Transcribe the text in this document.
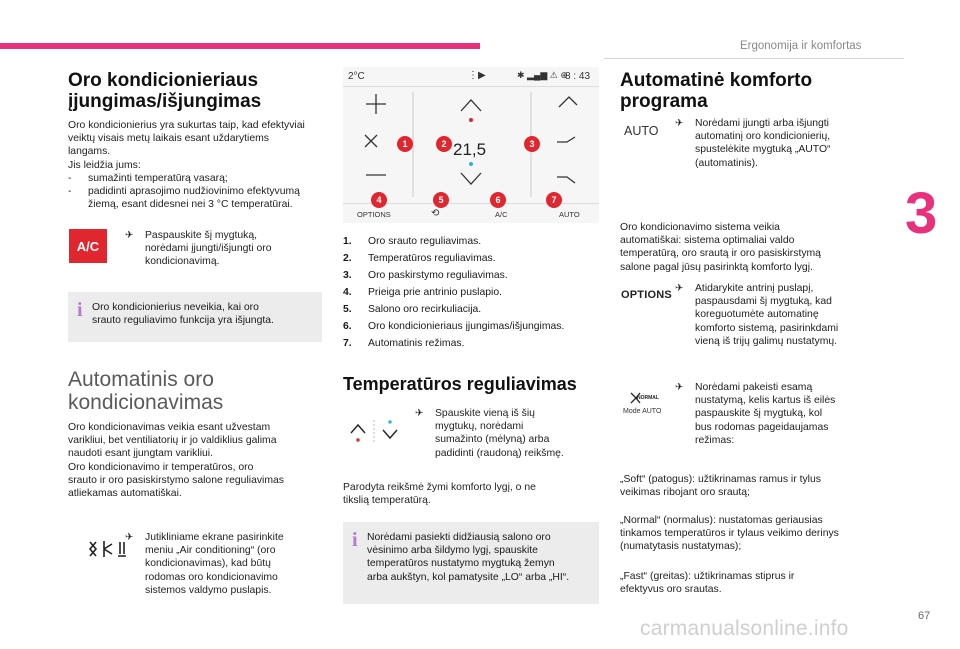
Ergonomija ir komfortas
3
67
carmanualsonline.info
Oro kondicionieriaus
įjungimas/išjungimas
Oro kondicionierius yra sukurtas taip, kad efektyviai
veiktų visais metų laikais esant uždarytiems
langams.
Jis leidžia jums:
- sumažinti temperatūrą vasarą;
- padidinti aprasojimo nudžiovinimo efektyvumą
žiemą, esant didesnei nei 3 °C temperatūrai.
A/C
✈ Paspauskite šį mygtuką,
norėdami įjungti/išjungti oro
kondicionavimą.
i Oro kondicionierius neveikia, kai oro
srauto reguliavimo funkcija yra išjungta.
Automatinis oro
kondicionavimas
Oro kondicionavimas veikia esant užvestam
varikliui, bet ventiliatorių ir jo valdiklius galima
naudoti esant įjungtam varikliui.
Oro kondicionavimo ir temperatūros, oro
srauto ir oro pasiskirstymo salone reguliavimas
atliekamas automatiškai.
✈ Jutikliniame ekrane pasirinkite
meniu „Air conditioning“ (oro
kondicionavimas), kad būtų
rodomas oro kondicionavimo
sistemos valdymo puslapis.
2°C	⋮▶	✱ ▂▄▆ ⚠ ⊕
8 : 43
21,5
OPTIONS	⟲	A/C	AUTO
1	2	3
4	5	6	7
1. Oro srauto reguliavimas.
2. Temperatūros reguliavimas.
3. Oro paskirstymo reguliavimas.
4. Prieiga prie antrinio puslapio.
5. Salono oro recirkuliacija.
6. Oro kondicionieriaus įjungimas/išjungimas.
7. Automatinis režimas.
Temperatūros reguliavimas
✈ Spauskite vieną iš šių
mygtukų, norėdami
sumažinto (mėlyną) arba
padidinti (raudoną) reikšmę.
Parodyta reikšmė žymi komforto lygį, o ne
tikslią temperatūrą.
i Norėdami pasiekti didžiausią salono oro
vėsinimo arba šildymo lygį, spauskite
temperatūros nustatymo mygtuką žemyn
arba aukštyn, kol pamatysite „LO“ arba „HI“.
Automatinė komforto
programa
AUTO
✈ Norėdami įjungti arba išjungti
automatinį oro kondicionierių,
spustelėkite mygtuką „AUTO“
(automatinis).
Oro kondicionavimo sistema veikia
automatiškai: sistema optimaliai valdo
temperatūrą, oro srautą ir oro pasiskirstymą
salone pagal jūsų pasirinktą komforto lygį.
OPTIONS
✈ Atidarykite antrinį puslapį,
paspausdami šį mygtuką, kad
koreguotumėte automatinę
komforto sistemą, pasirinkdami
vieną iš trijų galimų nustatymų.
NORMAL
Mode AUTO
✈ Norėdami pakeisti esamą
nustatymą, kelis kartus iš eilės
paspauskite šį mygtuką, kol
bus rodomas pageidaujamas
režimas:
„Soft“ (patogus): užtikrinamas ramus ir tylus
veikimas ribojant oro srautą;
„Normal“ (normalus): nustatomas geriausias
tinkamos temperatūros ir tylaus veikimo derinys
(numatytasis nustatymas);
„Fast“ (greitas): užtikrinamas stiprus ir
efektyvus oro srautas.
